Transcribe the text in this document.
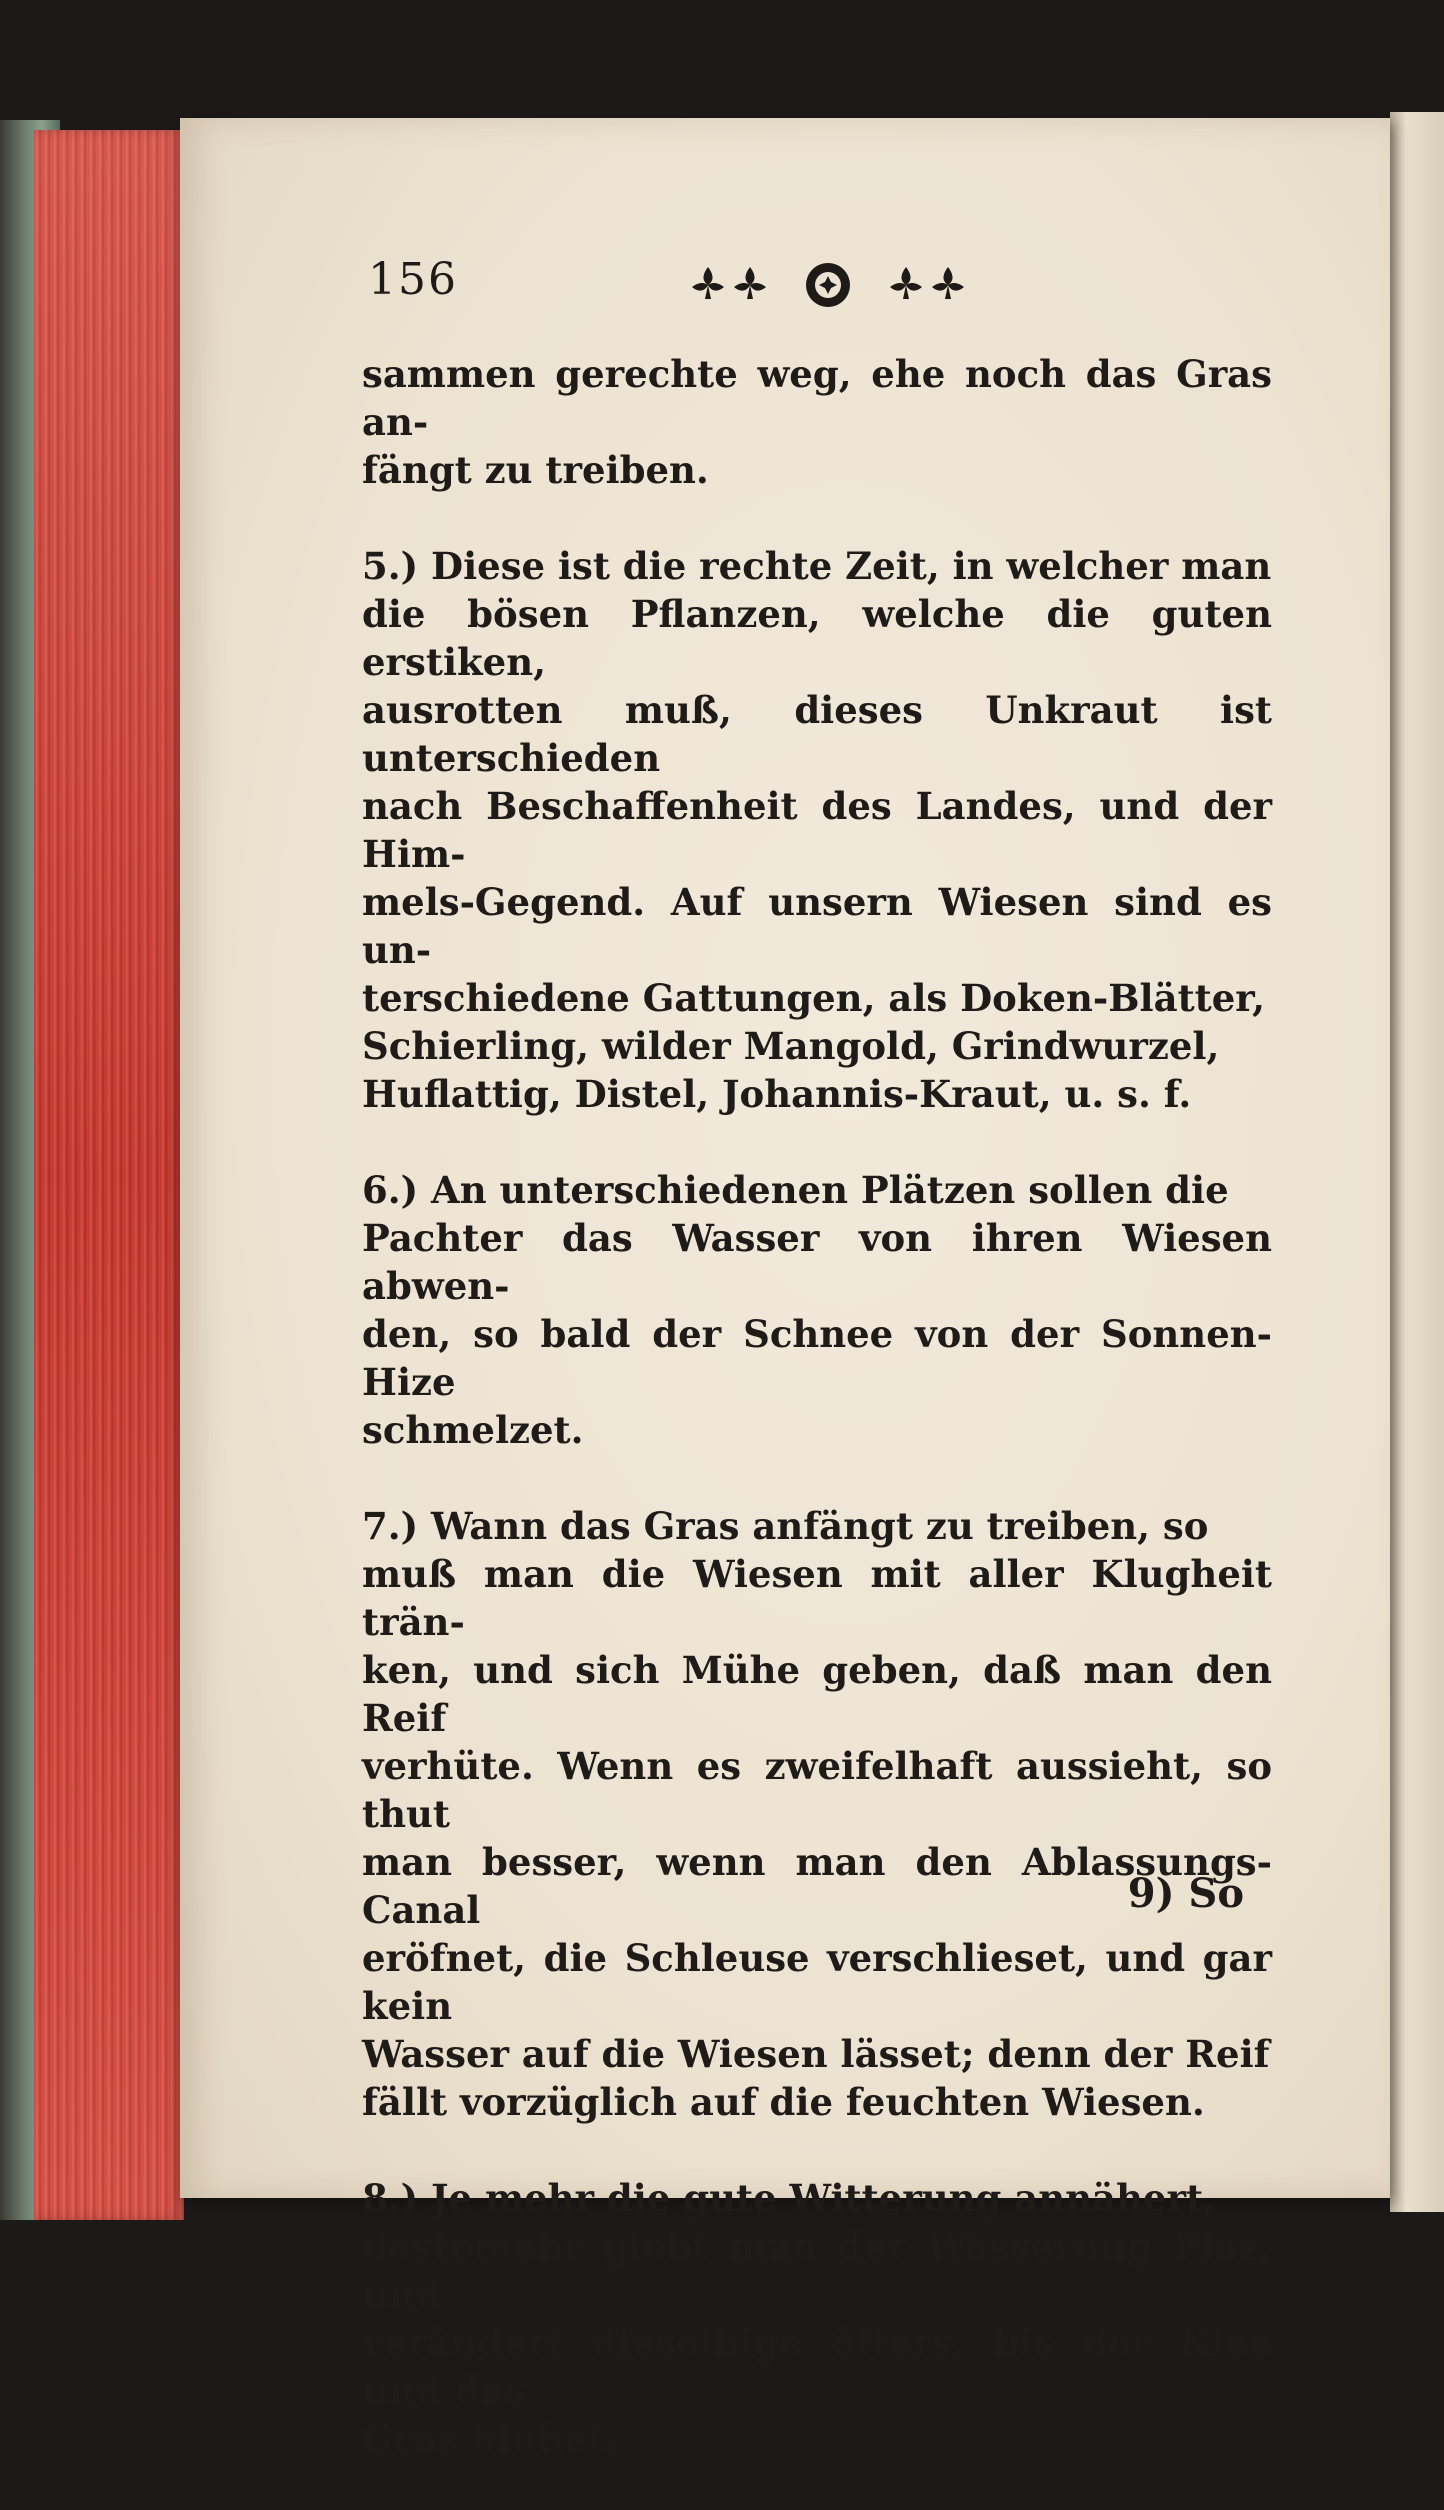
156

sammen gerechte weg, ehe noch das Gras an-
fängt zu treiben.

5.) Diese ist die rechte Zeit, in welcher man
die bösen Pflanzen, welche die guten erstiken,
ausrotten muß, dieses Unkraut ist unterschieden
nach Beschaffenheit des Landes, und der Him-
mels-Gegend. Auf unsern Wiesen sind es un-
terschiedene Gattungen, als Doken-Blätter,
Schierling, wilder Mangold, Grindwurzel,
Huflattig, Distel, Johannis-Kraut, u. s. f.

6.) An unterschiedenen Plätzen sollen die
Pachter das Wasser von ihren Wiesen abwen-
den, so bald der Schnee von der Sonnen-Hize
schmelzet.

7.) Wann das Gras anfängt zu treiben, so
muß man die Wiesen mit aller Klugheit trän-
ken, und sich Mühe geben, daß man den Reif
verhüte. Wenn es zweifelhaft aussieht, so thut
man besser, wenn man den Ablassungs-Canal
eröfnet, die Schleuse verschlieset, und gar kein
Wasser auf die Wiesen lässet; denn der Reif
fällt vorzüglich auf die feuchten Wiesen.

8.) Je mehr die gute Witterung annähert,
destomehr giebt man der Wässerung Plaz, und
verändert dieselbige öfters, bis der Klee und das
Gras blühet.

9) So
